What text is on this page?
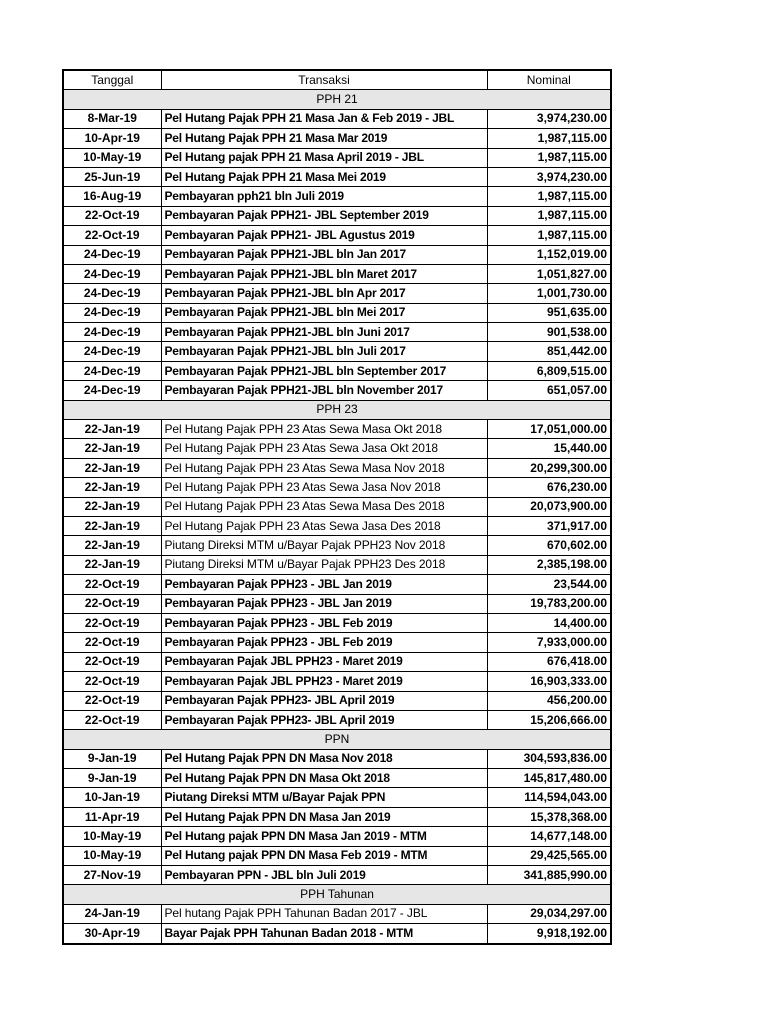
Tanggal	Transaksi	Nominal
PPH 21		
8-Mar-19	Pel Hutang Pajak PPH 21 Masa Jan & Feb 2019 - JBL	3,974,230.00
10-Apr-19	Pel Hutang Pajak PPH 21 Masa Mar 2019	1,987,115.00
10-May-19	Pel Hutang pajak PPH 21 Masa April 2019 - JBL	1,987,115.00
25-Jun-19	Pel Hutang Pajak PPH 21 Masa Mei 2019	3,974,230.00
16-Aug-19	Pembayaran pph21 bln Juli 2019	1,987,115.00
22-Oct-19	Pembayaran Pajak PPH21- JBL September 2019	1,987,115.00
22-Oct-19	Pembayaran Pajak PPH21- JBL Agustus 2019	1,987,115.00
24-Dec-19	Pembayaran Pajak PPH21-JBL bln Jan 2017	1,152,019.00
24-Dec-19	Pembayaran Pajak PPH21-JBL bln Maret 2017	1,051,827.00
24-Dec-19	Pembayaran Pajak PPH21-JBL bln Apr 2017	1,001,730.00
24-Dec-19	Pembayaran Pajak PPH21-JBL bln Mei 2017	951,635.00
24-Dec-19	Pembayaran Pajak PPH21-JBL bln Juni 2017	901,538.00
24-Dec-19	Pembayaran Pajak PPH21-JBL bln Juli 2017	851,442.00
24-Dec-19	Pembayaran Pajak PPH21-JBL bln September 2017	6,809,515.00
24-Dec-19	Pembayaran Pajak PPH21-JBL bln November 2017	651,057.00
PPH 23		
22-Jan-19	Pel Hutang Pajak PPH 23 Atas Sewa Masa Okt 2018	17,051,000.00
22-Jan-19	Pel Hutang Pajak PPH 23 Atas Sewa Jasa Okt 2018	15,440.00
22-Jan-19	Pel Hutang Pajak PPH 23 Atas Sewa Masa Nov 2018	20,299,300.00
22-Jan-19	Pel Hutang Pajak PPH 23 Atas Sewa Jasa Nov 2018	676,230.00
22-Jan-19	Pel Hutang Pajak PPH 23 Atas Sewa Masa Des 2018	20,073,900.00
22-Jan-19	Pel Hutang Pajak PPH 23 Atas Sewa Jasa Des 2018	371,917.00
22-Jan-19	Piutang Direksi MTM u/Bayar Pajak PPH23 Nov 2018	670,602.00
22-Jan-19	Piutang Direksi MTM u/Bayar Pajak PPH23 Des 2018	2,385,198.00
22-Oct-19	Pembayaran Pajak PPH23 - JBL Jan 2019	23,544.00
22-Oct-19	Pembayaran Pajak PPH23 - JBL Jan 2019	19,783,200.00
22-Oct-19	Pembayaran Pajak PPH23 - JBL Feb 2019	14,400.00
22-Oct-19	Pembayaran Pajak PPH23 - JBL Feb 2019	7,933,000.00
22-Oct-19	Pembayaran Pajak JBL PPH23 - Maret 2019	676,418.00
22-Oct-19	Pembayaran Pajak JBL PPH23 - Maret 2019	16,903,333.00
22-Oct-19	Pembayaran Pajak PPH23- JBL April 2019	456,200.00
22-Oct-19	Pembayaran Pajak PPH23- JBL April 2019	15,206,666.00
PPN		
9-Jan-19	Pel Hutang Pajak PPN DN Masa Nov 2018	304,593,836.00
9-Jan-19	Pel Hutang Pajak PPN DN Masa Okt 2018	145,817,480.00
10-Jan-19	Piutang Direksi MTM u/Bayar Pajak PPN	114,594,043.00
11-Apr-19	Pel Hutang Pajak PPN DN Masa Jan 2019	15,378,368.00
10-May-19	Pel Hutang pajak PPN DN Masa Jan 2019 - MTM	14,677,148.00
10-May-19	Pel Hutang pajak PPN DN Masa Feb 2019 - MTM	29,425,565.00
27-Nov-19	Pembayaran PPN - JBL bln Juli 2019	341,885,990.00
PPH Tahunan		
24-Jan-19	Pel hutang Pajak PPH Tahunan Badan 2017 - JBL	29,034,297.00
30-Apr-19	Bayar Pajak PPH Tahunan Badan 2018 - MTM	9,918,192.00
